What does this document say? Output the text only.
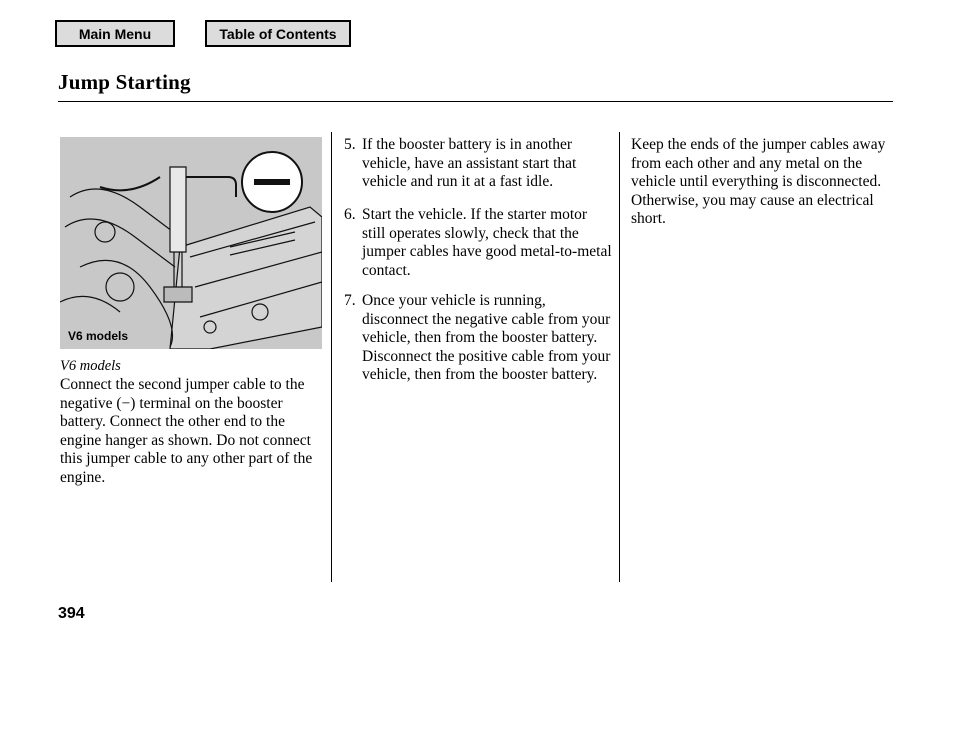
Main Menu	Table of Contents
Jump Starting
V6 models
V6 models

Connect the second jumper cable to the negative (−) terminal on the booster battery. Connect the other end to the engine hanger as shown. Do not connect this jumper cable to any other part of the engine.

5. If the booster battery is in another vehicle, have an assistant start that vehicle and run it at a fast idle.
6. Start the vehicle. If the starter motor still operates slowly, check that the jumper cables have good metal-to-metal contact.
7. Once your vehicle is running, disconnect the negative cable from your vehicle, then from the booster battery. Disconnect the positive cable from your vehicle, then from the booster battery.

Keep the ends of the jumper cables away from each other and any metal on the vehicle until everything is disconnected. Otherwise, you may cause an electrical short.

394
